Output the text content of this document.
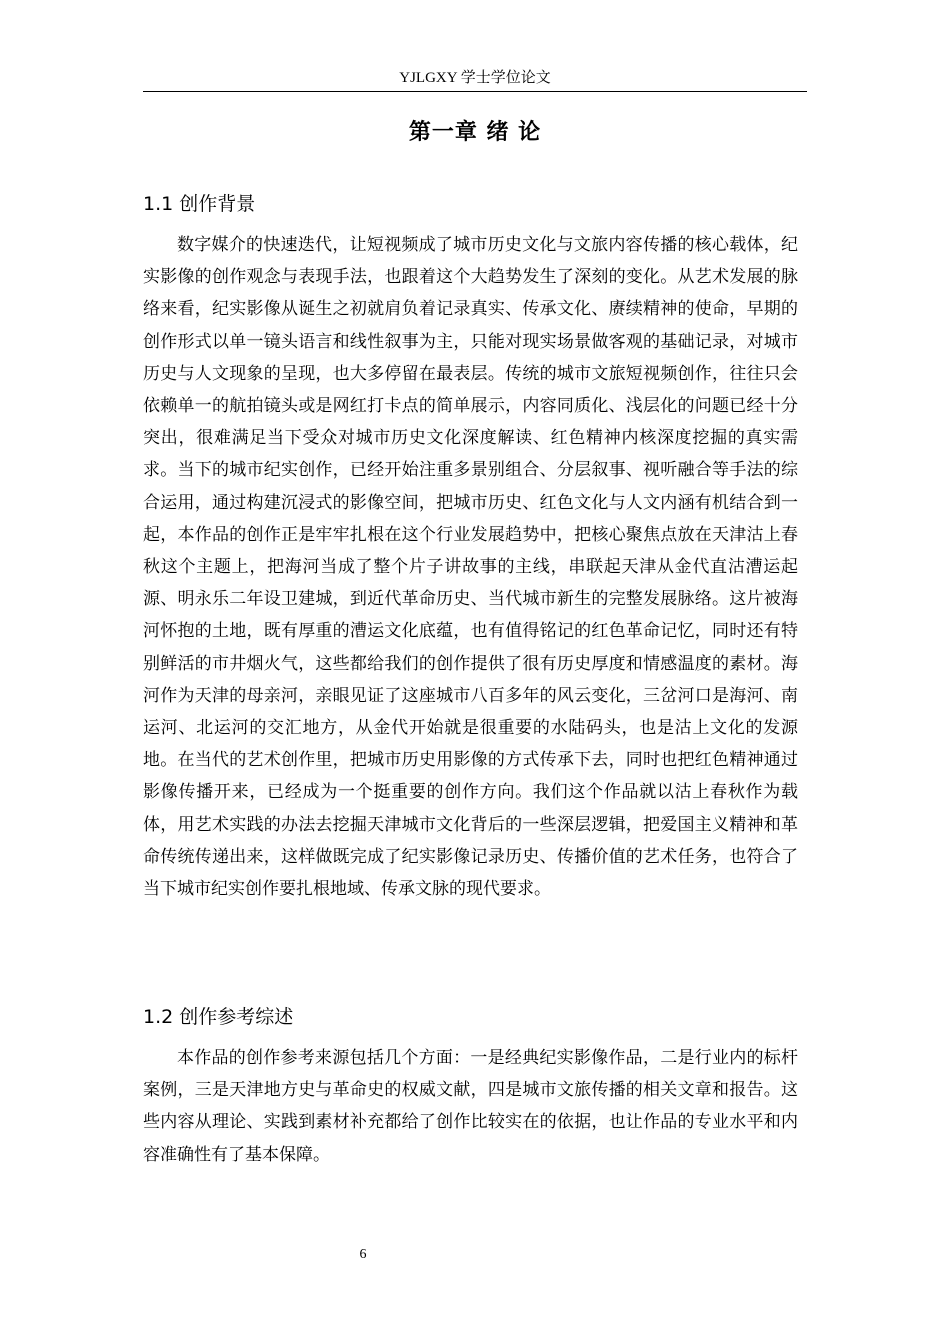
YJLGXY 学士学位论文
第一章 绪 论
1.1 创作背景

数字媒介的快速迭代，让短视频成了城市历史文化与文旅内容传播的核心载体，纪实影像的创作观念与表现手法，也跟着这个大趋势发生了深刻的变化。从艺术发展的脉络来看，纪实影像从诞生之初就肩负着记录真实、传承文化、赓续精神的使命，早期的创作形式以单一镜头语言和线性叙事为主，只能对现实场景做客观的基础记录，对城市历史与人文现象的呈现，也大多停留在最表层。传统的城市文旅短视频创作，往往只会依赖单一的航拍镜头或是网红打卡点的简单展示，内容同质化、浅层化的问题已经十分突出，很难满足当下受众对城市历史文化深度解读、红色精神内核深度挖掘的真实需求。当下的城市纪实创作，已经开始注重多景别组合、分层叙事、视听融合等手法的综合运用，通过构建沉浸式的影像空间，把城市历史、红色文化与人文内涵有机结合到一起，本作品的创作正是牢牢扎根在这个行业发展趋势中，把核心聚焦点放在天津沽上春秋这个主题上，把海河当成了整个片子讲故事的主线，串联起天津从金代直沽漕运起源、明永乐二年设卫建城，到近代革命历史、当代城市新生的完整发展脉络。这片被海河怀抱的土地，既有厚重的漕运文化底蕴，也有值得铭记的红色革命记忆，同时还有特别鲜活的市井烟火气，这些都给我们的创作提供了很有历史厚度和情感温度的素材。海河作为天津的母亲河，亲眼见证了这座城市八百多年的风云变化，三岔河口是海河、南运河、北运河的交汇地方，从金代开始就是很重要的水陆码头，也是沽上文化的发源地。在当代的艺术创作里，把城市历史用影像的方式传承下去，同时也把红色精神通过影像传播开来，已经成为一个挺重要的创作方向。我们这个作品就以沽上春秋作为载体，用艺术实践的办法去挖掘天津城市文化背后的一些深层逻辑，把爱国主义精神和革命传统传递出来，这样做既完成了纪实影像记录历史、传播价值的艺术任务，也符合了当下城市纪实创作要扎根地域、传承文脉的现代要求。

1.2 创作参考综述

本作品的创作参考来源包括几个方面：一是经典纪实影像作品，二是行业内的标杆案例，三是天津地方史与革命史的权威文献，四是城市文旅传播的相关文章和报告。这些内容从理论、实践到素材补充都给了创作比较实在的依据，也让作品的专业水平和内容准确性有了基本保障。

6
